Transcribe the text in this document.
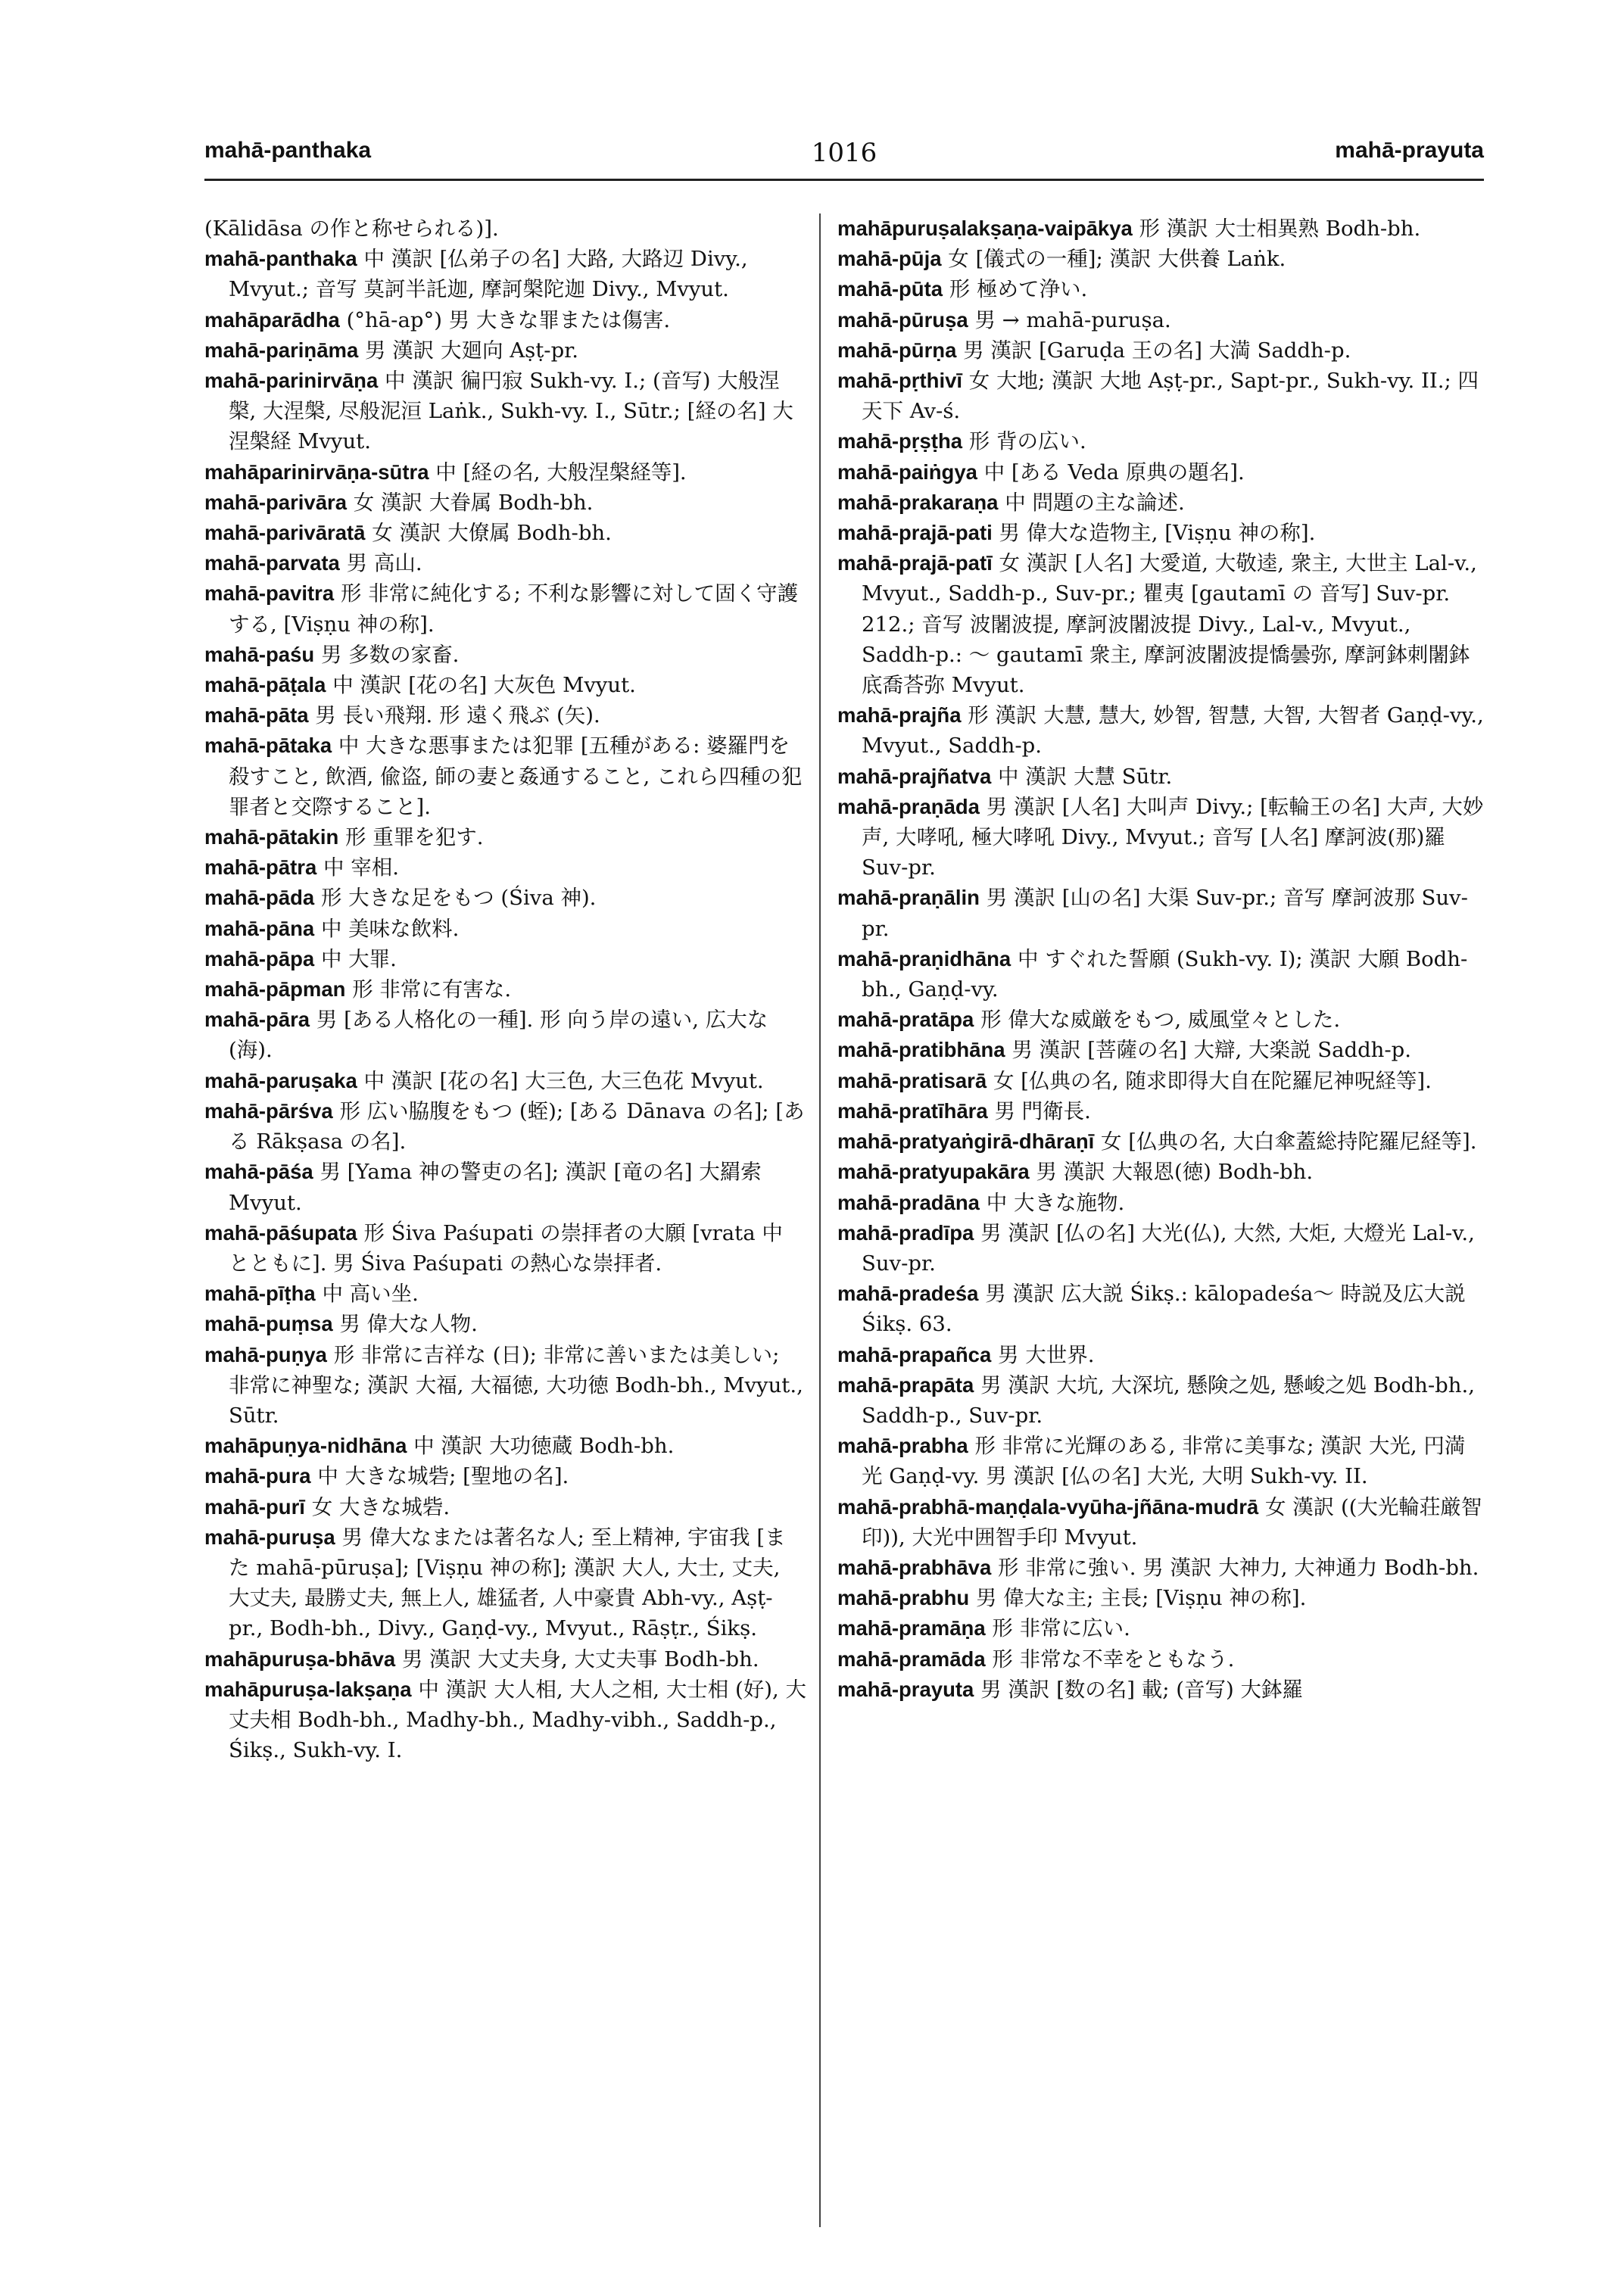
mahā-panthaka	1016	mahā-prayuta

(Kālidāsa の作と称せられる)].

mahā-panthaka 中 漢訳 [仏弟子の名] 大路, 大路辺 Divy., Mvyut.; 音写 莫訶半託迦, 摩訶槃陀迦 Divy., Mvyut.

mahāparādha (°hā-ap°) 男 大きな罪または傷害.

mahā-pariṇāma 男 漢訳 大廻向 Aṣṭ-pr.

mahā-parinirvāṇa 中 漢訳 徧円寂 Sukh-vy. I.; (音写) 大般涅槃, 大涅槃, 尽般泥洹 Laṅk., Sukh-vy. I., Sūtr.; [経の名] 大涅槃経 Mvyut.

mahāparinirvāṇa-sūtra 中 [経の名, 大般涅槃経等].

mahā-parivāra 女 漢訳 大眷属 Bodh-bh.

mahā-parivāratā 女 漢訳 大僚属 Bodh-bh.

mahā-parvata 男 高山.

mahā-pavitra 形 非常に純化する; 不利な影響に対して固く守護する, [Viṣṇu 神の称].

mahā-paśu 男 多数の家畜.

mahā-pāṭala 中 漢訳 [花の名] 大灰色 Mvyut.

mahā-pāta 男 長い飛翔. 形 遠く飛ぶ (矢).

mahā-pātaka 中 大きな悪事または犯罪 [五種がある: 婆羅門を殺すこと, 飲酒, 偸盗, 師の妻と姦通すること, これら四種の犯罪者と交際すること].

mahā-pātakin 形 重罪を犯す.

mahā-pātra 中 宰相.

mahā-pāda 形 大きな足をもつ (Śiva 神).

mahā-pāna 中 美味な飲料.

mahā-pāpa 中 大罪.

mahā-pāpman 形 非常に有害な.

mahā-pāra 男 [ある人格化の一種]. 形 向う岸の遠い, 広大な(海).

mahā-paruṣaka 中 漢訳 [花の名] 大三色, 大三色花 Mvyut.

mahā-pārśva 形 広い脇腹をもつ (蛭); [ある Dānava の名]; [ある Rākṣasa の名].

mahā-pāśa 男 [Yama 神の警吏の名]; 漢訳 [竜の名] 大羂索 Mvyut.

mahā-pāśupata 形 Śiva Paśupati の崇拝者の大願 [vrata 中 とともに]. 男 Śiva Paśupati の熱心な崇拝者.

mahā-pīṭha 中 高い坐.

mahā-puṃsa 男 偉大な人物.

mahā-puṇya 形 非常に吉祥な (日); 非常に善いまたは美しい; 非常に神聖な; 漢訳 大福, 大福徳, 大功徳 Bodh-bh., Mvyut., Sūtr.

mahāpuṇya-nidhāna 中 漢訳 大功徳蔵 Bodh-bh.

mahā-pura 中 大きな城砦; [聖地の名].

mahā-purī 女 大きな城砦.

mahā-puruṣa 男 偉大なまたは著名な人; 至上精神, 宇宙我 [また mahā-pūruṣa]; [Viṣṇu 神の称]; 漢訳 大人, 大士, 丈夫, 大丈夫, 最勝丈夫, 無上人, 雄猛者, 人中豪貴 Abh-vy., Aṣṭ-pr., Bodh-bh., Divy., Gaṇḍ-vy., Mvyut., Rāṣṭr., Śikṣ.

mahāpuruṣa-bhāva 男 漢訳 大丈夫身, 大丈夫事 Bodh-bh.

mahāpuruṣa-lakṣaṇa 中 漢訳 大人相, 大人之相, 大士相 (好), 大丈夫相 Bodh-bh., Madhy-bh., Madhy-vibh., Saddh-p., Śikṣ., Sukh-vy. I.

mahāpuruṣalakṣaṇa-vaipākya 形 漢訳 大士相異熟 Bodh-bh.

mahā-pūja 女 [儀式の一種]; 漢訳 大供養 Laṅk.

mahā-pūta 形 極めて浄い.

mahā-pūruṣa 男 → mahā-puruṣa.

mahā-pūrṇa 男 漢訳 [Garuḍa 王の名] 大満 Saddh-p.

mahā-pṛthivī 女 大地; 漢訳 大地 Aṣṭ-pr., Sapt-pr., Sukh-vy. II.; 四天下 Av-ś.

mahā-pṛṣṭha 形 背の広い.

mahā-paiṅgya 中 [ある Veda 原典の題名].

mahā-prakaraṇa 中 問題の主な論述.

mahā-prajā-pati 男 偉大な造物主, [Viṣṇu 神の称].

mahā-prajā-patī 女 漢訳 [人名] 大愛道, 大敬逵, 衆主, 大世主 Lal-v., Mvyut., Saddh-p., Suv-pr.; 瞿夷 [gautamī の 音写] Suv-pr. 212.; 音写 波闍波提, 摩訶波闍波提 Divy., Lal-v., Mvyut., Saddh-p.: ～ gautamī 衆主, 摩訶波闍波提憍曇弥, 摩訶鉢刺闍鉢底喬荅弥 Mvyut.

mahā-prajña 形 漢訳 大慧, 慧大, 妙智, 智慧, 大智, 大智者 Gaṇḍ-vy., Mvyut., Saddh-p.

mahā-prajñatva 中 漢訳 大慧 Sūtr.

mahā-praṇāda 男 漢訳 [人名] 大叫声 Divy.; [転輪王の名] 大声, 大妙声, 大哮吼, 極大哮吼 Divy., Mvyut.; 音写 [人名] 摩訶波(那)羅 Suv-pr.

mahā-praṇālin 男 漢訳 [山の名] 大渠 Suv-pr.; 音写 摩訶波那 Suv-pr.

mahā-praṇidhāna 中 すぐれた誓願 (Sukh-vy. I); 漢訳 大願 Bodh-bh., Gaṇḍ-vy.

mahā-pratāpa 形 偉大な威厳をもつ, 威風堂々とした.

mahā-pratibhāna 男 漢訳 [菩薩の名] 大辯, 大楽説 Saddh-p.

mahā-pratisarā 女 [仏典の名, 随求即得大自在陀羅尼神呪経等].

mahā-pratīhāra 男 門衛長.

mahā-pratyaṅgirā-dhāraṇī 女 [仏典の名, 大白傘蓋総持陀羅尼経等].

mahā-pratyupakāra 男 漢訳 大報恩(徳) Bodh-bh.

mahā-pradāna 中 大きな施物.

mahā-pradīpa 男 漢訳 [仏の名] 大光(仏), 大然, 大炬, 大燈光 Lal-v., Suv-pr.

mahā-pradeśa 男 漢訳 広大説 Śikṣ.: kālopadeśa～ 時説及広大説 Śikṣ. 63.

mahā-prapañca 男 大世界.

mahā-prapāta 男 漢訳 大坑, 大深坑, 懸険之処, 懸峻之処 Bodh-bh., Saddh-p., Suv-pr.

mahā-prabha 形 非常に光輝のある, 非常に美事な; 漢訳 大光, 円満光 Gaṇḍ-vy. 男 漢訳 [仏の名] 大光, 大明 Sukh-vy. II.

mahā-prabhā-maṇḍala-vyūha-jñāna-mudrā 女 漢訳 ((大光輪荘厳智印)), 大光中囲智手印 Mvyut.

mahā-prabhāva 形 非常に強い. 男 漢訳 大神力, 大神通力 Bodh-bh.

mahā-prabhu 男 偉大な主; 主長; [Viṣṇu 神の称].

mahā-pramāṇa 形 非常に広い.

mahā-pramāda 形 非常な不幸をともなう.

mahā-prayuta 男 漢訳 [数の名] 載; (音写) 大鉢羅
